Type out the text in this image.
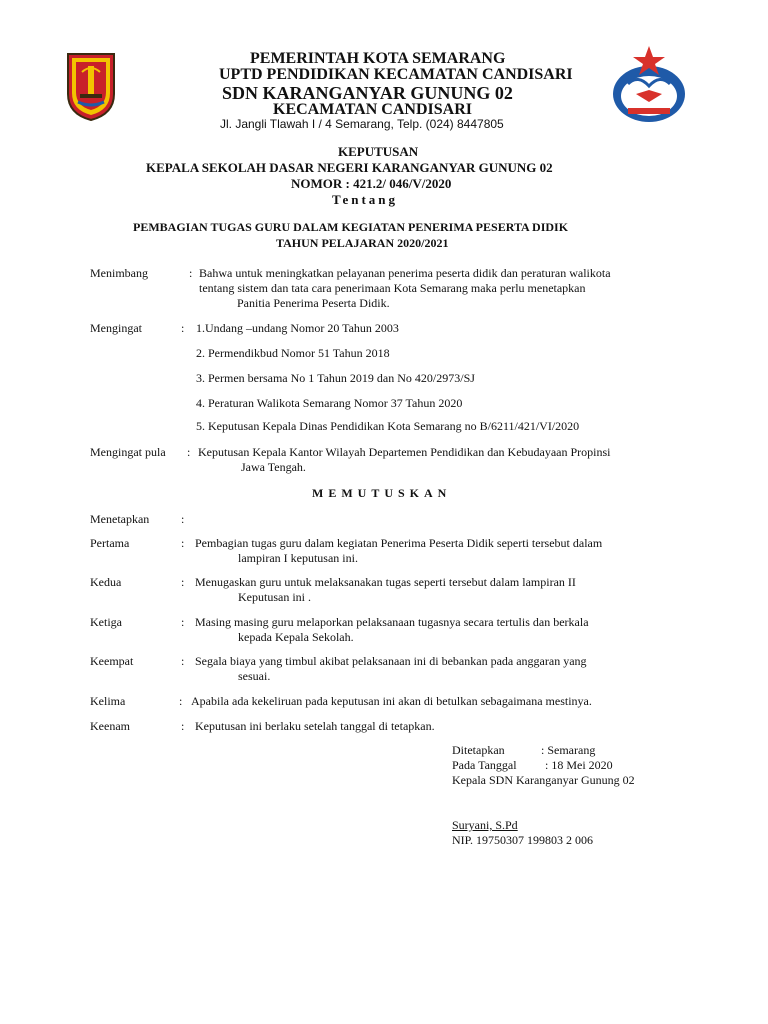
PEMERINTAH KOTA SEMARANG
UPTD PENDIDIKAN KECAMATAN CANDISARI
SDN KARANGANYAR GUNUNG 02
KECAMATAN CANDISARI
Jl. Jangli Tlawah I / 4 Semarang, Telp. (024) 8447805
KEPUTUSAN
KEPALA SEKOLAH DASAR NEGERI KARANGANYAR GUNUNG 02
NOMOR : 421.2/ 046/V/2020
Tentang
PEMBAGIAN TUGAS GURU DALAM KEGIATAN PENERIMA PESERTA DIDIK
TAHUN PELAJARAN 2020/2021
Menimbang	: Bahwa untuk meningkatkan pelayanan penerima peserta didik dan peraturan walikota
tentang sistem dan tata cara penerimaan Kota Semarang maka perlu menetapkan
Panitia Penerima Peserta Didik.
Mengingat	: 1.Undang –undang Nomor 20 Tahun 2003
2. Permendikbud Nomor 51 Tahun 2018
3. Permen bersama No 1 Tahun 2019 dan No 420/2973/SJ
4. Peraturan Walikota Semarang Nomor 37 Tahun 2020
5. Keputusan Kepala Dinas Pendidikan Kota Semarang no B/6211/421/VI/2020
Mengingat pula : Keputusan Kepala Kantor Wilayah Departemen Pendidikan dan Kebudayaan Propinsi
Jawa Tengah.
MEMUTUSKAN
Menetapkan	:
Pertama	: Pembagian tugas guru dalam kegiatan Penerima Peserta Didik seperti tersebut dalam
lampiran I keputusan ini.
Kedua	: Menugaskan guru untuk melaksanakan tugas seperti tersebut dalam lampiran II
Keputusan ini .
Ketiga	: Masing masing guru melaporkan pelaksanaan tugasnya secara tertulis dan berkala
kepada Kepala Sekolah.
Keempat	: Segala biaya yang timbul akibat pelaksanaan ini di bebankan pada anggaran yang
sesuai.
Kelima	: Apabila ada kekeliruan pada keputusan ini akan di betulkan sebagaimana mestinya.
Keenam	: Keputusan ini berlaku setelah tanggal di tetapkan.
Ditetapkan	: Semarang
Pada Tanggal : 18 Mei 2020
Kepala SDN Karanganyar Gunung 02
Suryani, S.Pd
NIP. 19750307 199803 2 006
